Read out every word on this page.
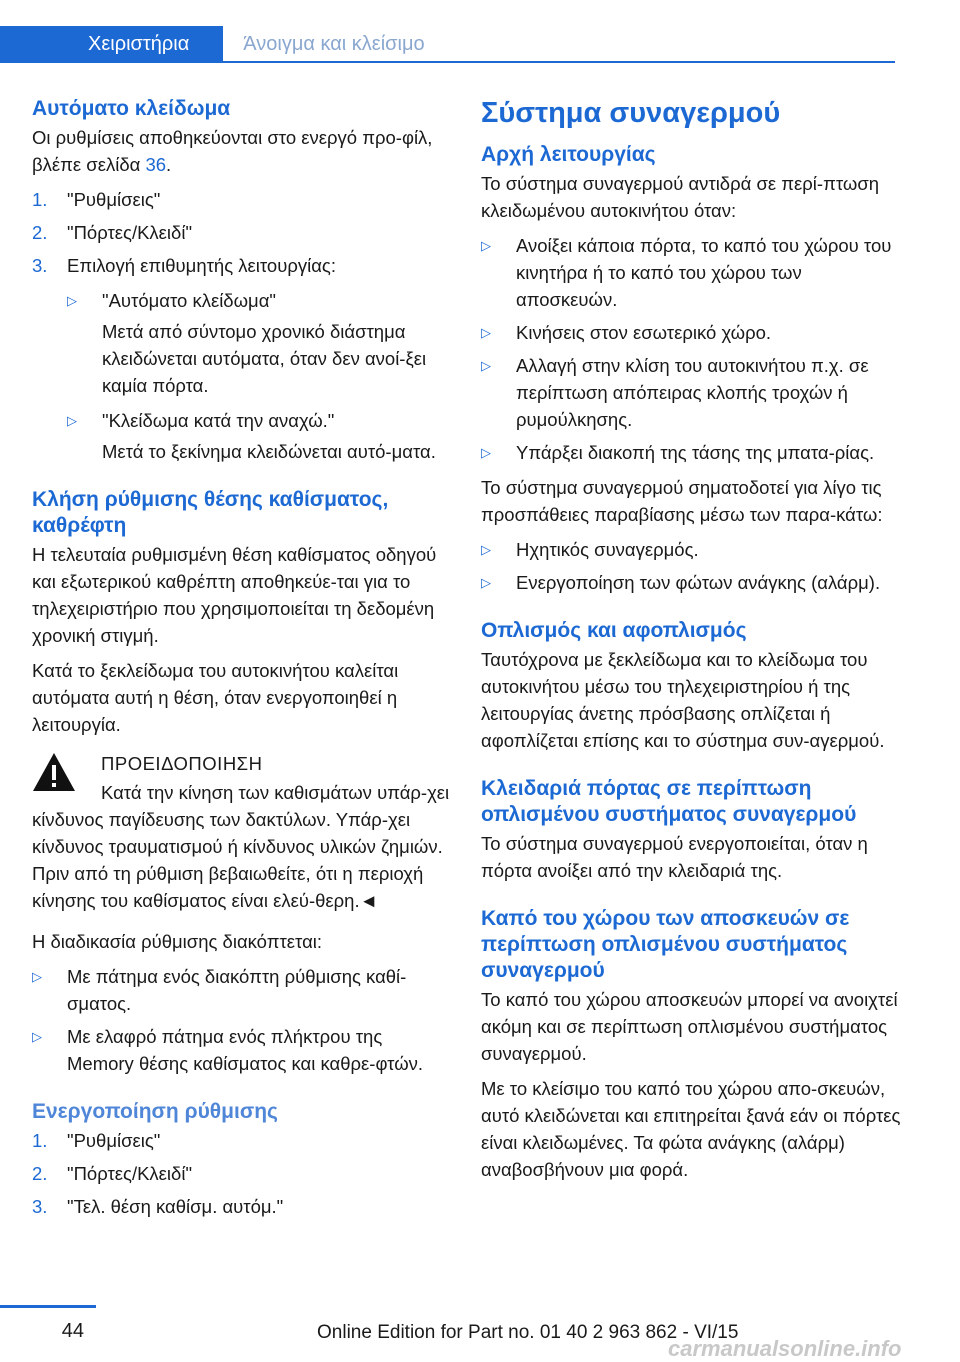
Χειριστήρια	Άνοιγμα και κλείσιμο
Αυτόματο κλείδωμα

Οι ρυθμίσεις αποθηκεύονται στο ενεργό προ-φίλ, βλέπε σελίδα 36.

1.	"Ρυθμίσεις"
2.	"Πόρτες/Κλειδί"
3.	Επιλογή επιθυμητής λειτουργίας:
▷	"Αυτόματο κλείδωμα"

Μετά από σύντομο χρονικό διάστημα κλειδώνεται αυτόματα, όταν δεν ανοί-ξει καμία πόρτα.

▷	"Κλείδωμα κατά την αναχώ."

Μετά το ξεκίνημα κλειδώνεται αυτό-ματα.

Κλήση ρύθμισης θέσης καθίσματος, καθρέφτη

Η τελευταία ρυθμισμένη θέση καθίσματος οδηγού και εξωτερικού καθρέπτη αποθηκεύε-ται για το τηλεχειριστήριο που χρησιμοποιείται τη δεδομένη χρονική στιγμή.

Κατά το ξεκλείδωμα του αυτοκινήτου καλείται αυτόματα αυτή η θέση, όταν ενεργοποιηθεί η λειτουργία.

ΠΡΟΕΙΔΟΠΟΙΗΣΗ

Κατά την κίνηση των καθισμάτων υπάρ-χει κίνδυνος παγίδευσης των δακτύλων. Υπάρ-χει κίνδυνος τραυματισμού ή κίνδυνος υλικών ζημιών. Πριν από τη ρύθμιση βεβαιωθείτε, ότι η περιοχή κίνησης του καθίσματος είναι ελεύ-θερη.◄

Η διαδικασία ρύθμισης διακόπτεται:

▷	Με πάτημα ενός διακόπτη ρύθμισης καθί-σματος.
▷	Με ελαφρό πάτημα ενός πλήκτρου της Memory θέσης καθίσματος και καθρε-φτών.
Ενεργοποίηση ρύθμισης
1.	"Ρυθμίσεις"
2.	"Πόρτες/Κλειδί"
3.	"Τελ. θέση καθίσμ. αυτόμ."
Σύστημα συναγερμού
Αρχή λειτουργίας

Το σύστημα συναγερμού αντιδρά σε περί-πτωση κλειδωμένου αυτοκινήτου όταν:

▷	Ανοίξει κάποια πόρτα, το καπό του χώρου του κινητήρα ή το καπό του χώρου των αποσκευών.
▷	Κινήσεις στον εσωτερικό χώρο.
▷	Αλλαγή στην κλίση του αυτοκινήτου π.χ. σε περίπτωση απόπειρας κλοπής τροχών ή ρυμούλκησης.
▷	Υπάρξει διακοπή της τάσης της μπατα-ρίας.

Το σύστημα συναγερμού σηματοδοτεί για λίγο τις προσπάθειες παραβίασης μέσω των παρα-κάτω:

▷	Ηχητικός συναγερμός.
▷	Ενεργοποίηση των φώτων ανάγκης (αλάρμ).
Οπλισμός και αφοπλισμός

Ταυτόχρονα με ξεκλείδωμα και το κλείδωμα του αυτοκινήτου μέσω του τηλεχειριστηρίου ή της λειτουργίας άνετης πρόσβασης οπλίζεται ή αφοπλίζεται επίσης και το σύστημα συν-αγερμού.

Κλειδαριά πόρτας σε περίπτωση οπλισμένου συστήματος συναγερμού

Το σύστημα συναγερμού ενεργοποιείται, όταν η πόρτα ανοίξει από την κλειδαριά της.

Καπό του χώρου των αποσκευών σε περίπτωση οπλισμένου συστήματος συναγερμού

Το καπό του χώρου αποσκευών μπορεί να ανοιχτεί ακόμη και σε περίπτωση οπλισμένου συστήματος συναγερμού.

Με το κλείσιμο του καπό του χώρου απο-σκευών, αυτό κλειδώνεται και επιτηρείται ξανά εάν οι πόρτες είναι κλειδωμένες. Τα φώτα ανάγκης (αλάρμ) αναβοσβήνουν μια φορά.

44	Online Edition for Part no. 01 40 2 963 862 - VI/15
carmanualsonline.info
